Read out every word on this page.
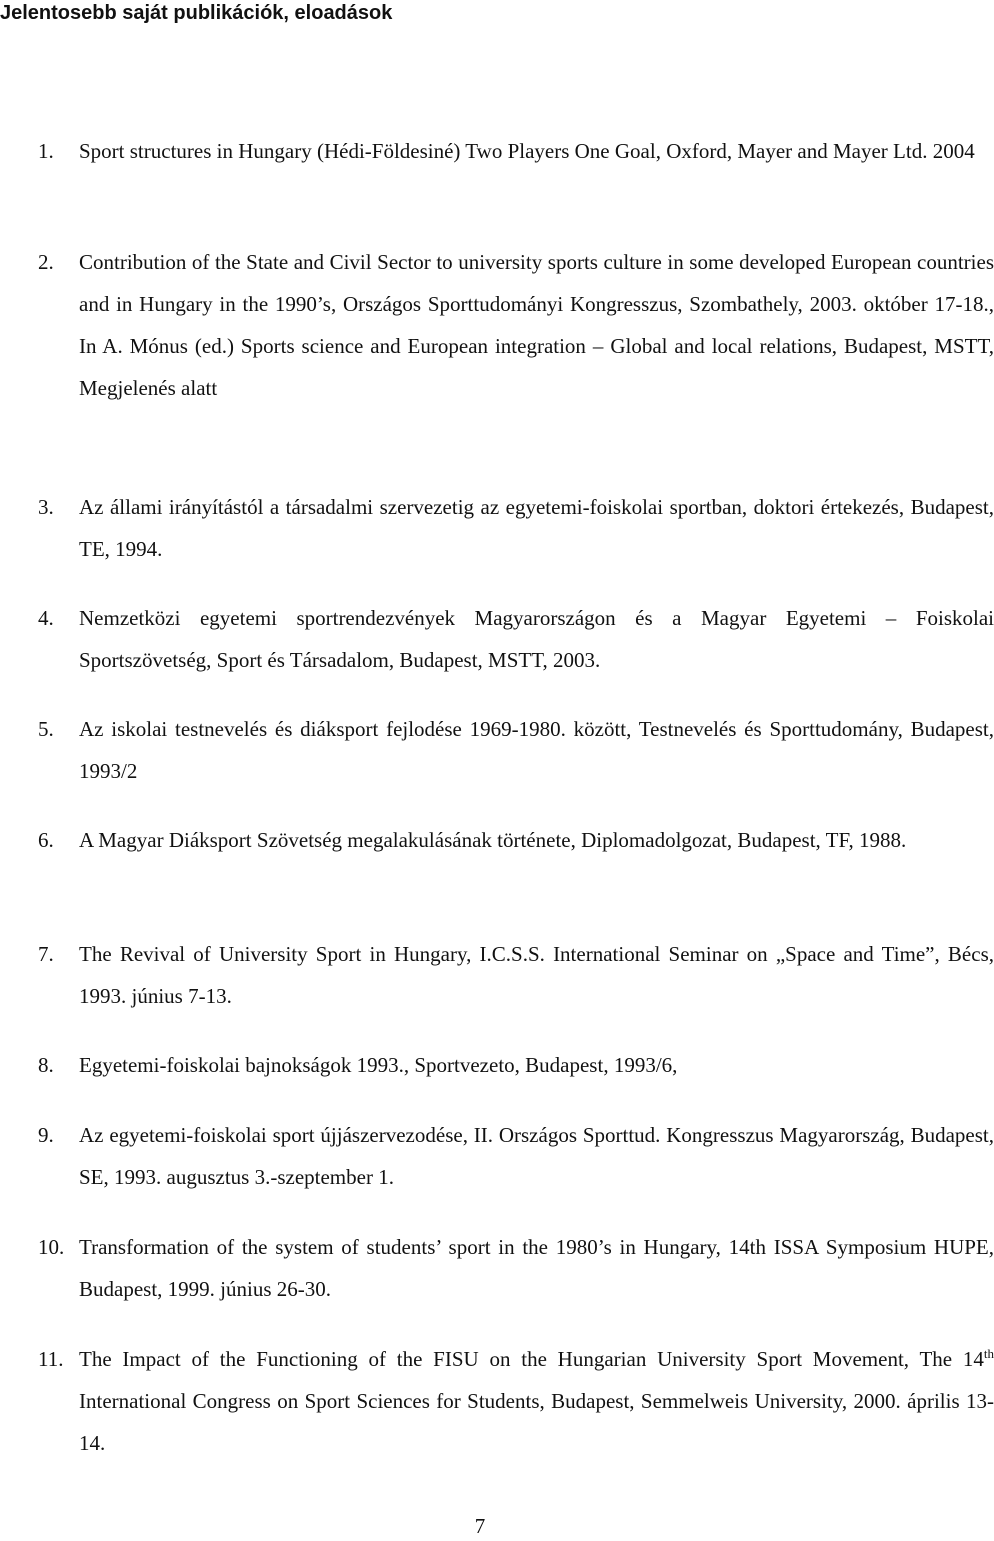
Jelentosebb saját publikációk, eloadások
1. Sport structures in Hungary (Hédi-Földesiné) Two Players One Goal, Oxford, Mayer and Mayer Ltd. 2004
2. Contribution of the State and Civil Sector to university sports culture in some developed European countries and in Hungary in the 1990’s, Országos Sporttudományi Kongresszus, Szombathely, 2003. október 17-18., In A. Mónus (ed.) Sports science and European integration – Global and local relations, Budapest, MSTT, Megjelenés alatt
3. Az állami irányítástól a társadalmi szervezetig az egyetemi-foiskolai sportban, doktori értekezés, Budapest, TE, 1994.
4. Nemzetközi egyetemi sportrendezvények Magyarországon és a Magyar Egyetemi – Foiskolai Sportszövetség, Sport és Társadalom, Budapest, MSTT, 2003.
5. Az iskolai testnevelés és diáksport fejlodése 1969-1980. között, Testnevelés és Sporttudomány, Budapest, 1993/2
6. A Magyar Diáksport Szövetség megalakulásának története, Diplomadolgozat, Budapest, TF, 1988.
7. The Revival of University Sport in Hungary, I.C.S.S. International Seminar on „Space and Time”, Bécs, 1993. június 7-13.
8. Egyetemi-foiskolai bajnokságok 1993., Sportvezeto, Budapest, 1993/6,
9. Az egyetemi-foiskolai sport újjászervezodése, II. Országos Sporttud. Kongresszus Magyarország, Budapest, SE, 1993. augusztus 3.-szeptember 1.
10. Transformation of the system of students’ sport in the 1980’s in Hungary, 14th ISSA Symposium HUPE, Budapest, 1999. június 26-30.
11. The Impact of the Functioning of the FISU on the Hungarian University Sport Movement, The 14th International Congress on Sport Sciences for Students, Budapest, Semmelweis University, 2000. április 13-14.
7
